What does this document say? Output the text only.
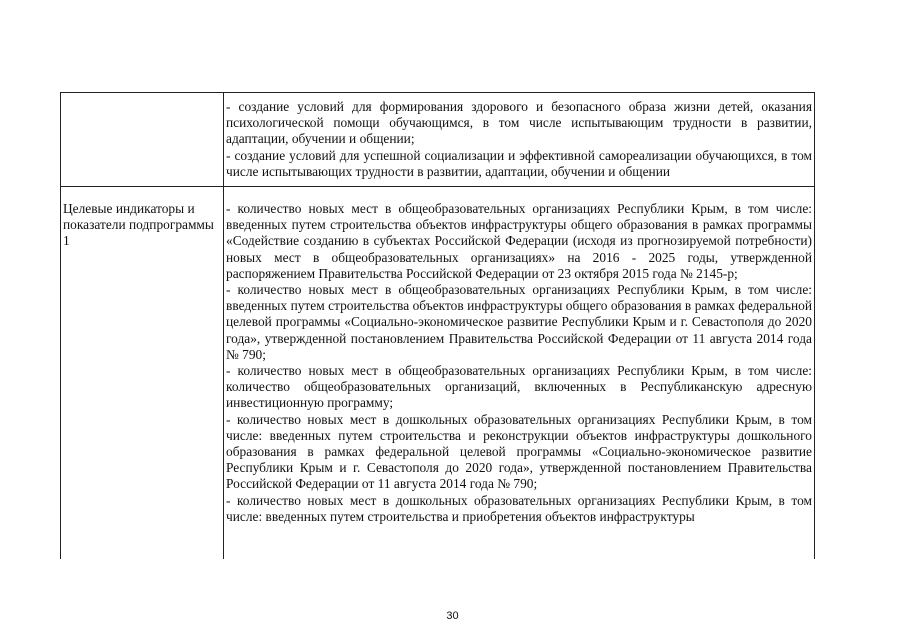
	- создание условий для формирования здорового и безопасного образа жизни детей, оказания психологической помощи обучающимся, в том числе испытывающим трудности в развитии, адаптации, обучении и общении;

- создание условий для успешной социализации и эффективной самореализации обучающихся, в том числе испытывающих трудности в развитии, адаптации, обучении и общении

Целевые индикаторы и показатели подпрограммы 1	- количество новых мест в общеобразовательных организациях Республики Крым, в том числе: введенных путем строительства объектов инфраструктуры общего образования в рамках программы «Содействие созданию в субъектах Российской Федерации (исходя из прогнозируемой потребности) новых мест в общеобразовательных организациях» на 2016 - 2025 годы, утвержденной распоряжением Правительства Российской Федерации от 23 октября 2015 года № 2145-р;

- количество новых мест в общеобразовательных организациях Республики Крым, в том числе: введенных путем строительства объектов инфраструктуры общего образования в рамках федеральной целевой программы «Социально-экономическое развитие Республики Крым и г. Севастополя до 2020 года», утвержденной постановлением Правительства Российской Федерации от 11 августа 2014 года № 790;

- количество новых мест в общеобразовательных организациях Республики Крым, в том числе: количество общеобразовательных организаций, включенных в Республиканскую адресную инвестиционную программу;

- количество новых мест в дошкольных образовательных организациях Республики Крым, в том числе: введенных путем строительства и реконструкции объектов инфраструктуры дошкольного образования в рамках федеральной целевой программы «Социально-экономическое развитие Республики Крым и г. Севастополя до 2020 года», утвержденной постановлением Правительства Российской Федерации от 11 августа 2014 года № 790;

- количество новых мест в дошкольных образовательных организациях Республики Крым, в том числе: введенных путем строительства и приобретения объектов инфраструктуры

30
